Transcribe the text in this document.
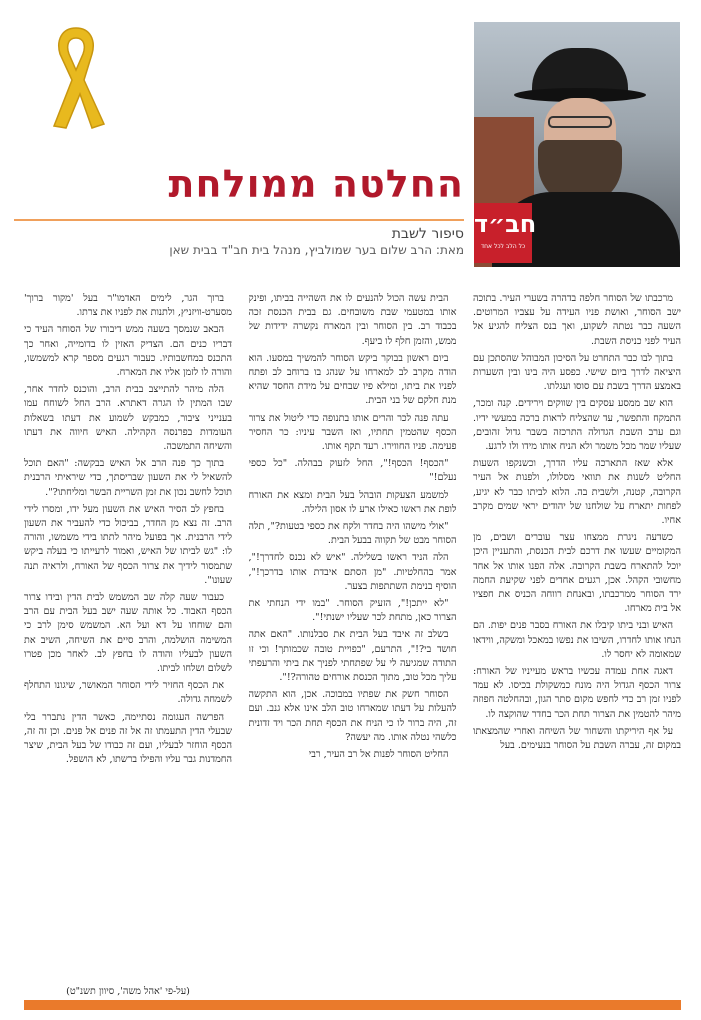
חב״ד
כל הלב לכל אחד
החלטה ממולחת
סיפור לשבת
מאת: הרב שלום בער שמולביץ, מנהל בית חב"ד בבית שאן

מרכבתו של הסוחר חלפה בדהרה בשערי העיר. בתוכה ישב הסוחר, ואושת פניו העידה על עצביו המרוטים. השעה כבר נטתה לשקוע, ואך בנס הצליח להגיע אל העיר לפני כניסת השבת.

בתוך לבו כבר התחרט על הסיכון המבוהל שהסתכן עם היציאה לדרך ביום שישי. כפסע היה בינו ובין השערות באמצע הדרך בשבת עם סוסו ועגלתו.

הוא שב ממסע עסקים בין שווקים וירידים. קנה ומכר, התמקח והתפשר, עד שהצליח לראות ברכה במעשי ידיו. וגם ערב השבת הגדולה התרכזה בשבר גדול זהובים, שעליו שמר מכל משמר ולא הניח אותו מידו ולו לרגע.

אלא שאז התארכה עליו הדרך, וכשנקפו השעות החליט לשנות את תוואי מסלולו, ולפנות אל העיר הקרובה, קטנה, ולשבית בה. הלוא לביתו כבר לא יגיע, לפחות יתארח על שולחנו של יהודים יראי שמים מקרב אחיו.

כשדעה ניגרת ממצחו עצר עוברים ושבים, מן המקומיים שעשו את דרכם לבית הכנסת, והתעניין היכן יוכל להתארח בשבת הקרובה. אלה הפנו אותו אל אחד מחשובי הקהל. אכן, רגעים אחדים לפני שקיעת החמה ירד הסוחר ממרכבתו, ובאנחת רווחה הכניס את חפציו אל בית מארחו.

האיש ובני ביתו קיבלו את האורח בסבר פנים יפות. הם הנחו אותו לחדרו, השיבו את נפשו במאכל ומשקה, ווידאו שמאומה לא יחסר לו.

דאגה אחת עמדה עכשיו בראש מעייניו של האורח: צרור הכסף הגדול היה מונח כמשקולת בכיסו. לא עמד לפניו זמן רב כדי לחפש מקום סתר הגון, ובהחלטה חפוזה מיהר להטמין את הצרור תחת הכר בחדר שהוקצה לו.

על אף היריקתו והשחור של השיחה ואחרי שהמצאתו במקום זה, עברה השבת על הסוחר בנעימים. בעל

הבית עשה הכול להנעים לו את השהייה בביתו, ופינק אותו במטעמי שבת משובחים. גם בבית הכנסת זכה בכבוד רב. בין הסוחר ובין המארח נקשרה ידידות של ממש, והזמן חלף לו ביעף.

ביום ראשון בבוקר ביקש הסוחר להמשיך במסעו. הוא הודה מקרב לב למארחו על שנהג בו ברוחב לב ופתח לפניו את ביתו, ומילא פיו שבחים על מידת החסד שהיא מנת חלקם של בני הבית.

עתה פנה לכר והרים אותו בתנופה כדי ליטול את צרור הכסף שהטמין תחתיו, ואז השבר עיניו: כר החסיר פעימה. פניו החווירו. רעד תקף אותו.

"הכסף! הכסף!", החל לזעוק בבהלה. "כל כספי נעלם!"

למשמע הצעקות הובהל בעל הבית ומצא את האורח לופת את ראשו כאילו ארע לו אסון הלילה.

"אולי מישהו היה בחדר ולקח את כספי בטעות?", תלה הסוחר מבט של תקווה בבעל הבית.

הלה הניד ראשו בשלילה. "איש לא נכנס לחדרך!", אמר בהחלטיות. "מן הסתם איבדת אותו בדרכך!", הוסיף בנימת השתתפות בצער.

"לא ייתכן!", הזעיק הסוחר. "במו ידי הנחתי את הצרור כאן, מתחת לכר שעליו ישנתי!".

בשלב זה איבד בעל הבית את סבלנותו. "האם אתה חושד בי?!", התרעם, "כפויית טובה שכמותך! וכי זו התודה שמגיעה לי על שפתחתי לפניך את ביתי והרעפתי עליך מכל טוב, מתוך הכנסת אורחים טהורה?!".

הסוחר חשק את שפתיו במבוכה. אכן, הוא התקשה להעלות על דעתו שמארחו טוב הלב אינו אלא גנב. ועם זה, היה ברור לו כי הניח את הכסף תחת הכר ויד זדונית כלשהי נטלה אותו. מה יעשה?

החליט הסוחר לפנות אל רב העיר, רבי

ברוך הגר, לימים האדמו"ר בעל 'מקור ברוך' מסערט-וויזניץ, ולתנות את לפניו את צרתו.

הבאב שנמסך בשעה ממש דיבורו של הסוחר העיד כי דבריו כנים הם. הצדיק האזין לו בדומייה, ואחר כך התכנס במחשבותיו. כעבור רגעים מספר קרא למשמשו, והורה לו לזמן אליו את המארח.

הלה מיהר להתייצב בבית הרב, והוכנס לחדר אחר, שבו המתין לו הגרה דאתרא. הרב החל לשוחח עמו בענייני ציבור, כמבקש לשמוע את דעתו בשאלות העומדות בפרנסה הקהילה. האיש חיווה את דעתו והשיחה התמשכה.

בתוך כך פנה הרב אל האיש בבקשה: "האם תוכל להשאיל לי את השעון שבריסתך, כדי שיראיתי הרבנית תוכל לחשב נכון את זמן השריית הבשר ומליחתו?".

בחפץ לב הסיר האיש את השעון מעל ידו, ומסרו לידי הרב. זה נצא מן החדר, בביכול כדי להעביר את השעון לידי הרבנית. אך בפועל מיהר לתתו בידי משמשו, והורה לו: "גש לביתו של האיש, ואמור לרעייתו כי בעלה ביקש שתמסור לידיך את צרור הכסף של האורח, ולראיה תנה שעונו".

כעבור שעה קלה שב המשמש לבית הדין ובידו צרור הכסף האבוד. כל אותה שעה ישב בעל הבית עם הרב והם שוחחו על דא ועל הא. המשמש סימן לרב כי המשימה הושלמה, והרב סיים את השיחה, השיב את השעון לבעליו והודה לו בחפץ לב. לאחר מכן פטרו לשלום ושלחו לביתו.

את הכסף החזיר לידי הסוחר המאושר, שיגונו התחלף לשמחה גדולה.

הפרשה העגומה נסתיימה, כאשר הדין נתברר בלי שבעלי הדין התעמתו זה אל זה פנים אל פנים. וכן זה זה, הכסף הוחזר לבעליו, ועם זה כבודו של בעל הבית, שיצר החמדנות גבר עליו והפילו ברשתו, לא הושפל.

(על-פי 'אהל משה', סיוון תשנ"ט)
